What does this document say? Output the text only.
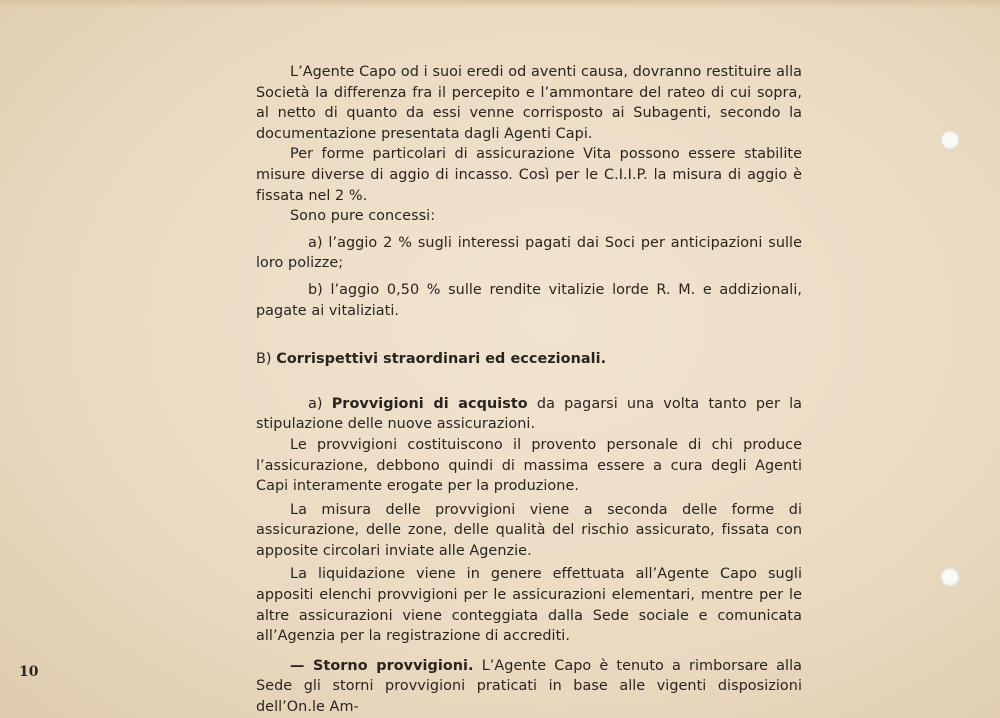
L’Agente Capo od i suoi eredi od aventi causa, dovranno restituire alla Società la differenza fra il percepito e l’ammontare del rateo di cui sopra, al netto di quanto da essi venne corrisposto ai Subagenti, secondo la documentazione presentata dagli Agenti Capi.

Per forme particolari di assicurazione Vita possono essere stabilite misure diverse di aggio di incasso. Così per le C.I.I.P. la misura di aggio è fissata nel 2 %.

Sono pure concessi:

a) l’aggio 2 % sugli interessi pagati dai Soci per anticipazioni sulle loro polizze;

b) l’aggio 0,50 % sulle rendite vitalizie lorde R. M. e addizionali, pagate ai vitaliziati.

B) Corrispettivi straordinari ed eccezionali.

a) Provvigioni di acquisto da pagarsi una volta tanto per la stipulazione delle nuove assicurazioni.

Le provvigioni costituiscono il provento personale di chi produce l’assicurazione, debbono quindi di massima essere a cura degli Agenti Capi interamente erogate per la produzione.

La misura delle provvigioni viene a seconda delle forme di assicurazione, delle zone, delle qualità del rischio assicurato, fissata con apposite circolari inviate alle Agenzie.

La liquidazione viene in genere effettuata all’Agente Capo sugli appositi elenchi provvigioni per le assicurazioni elementari, mentre per le altre assicurazioni viene conteggiata dalla Sede sociale e comunicata all’Agenzia per la registrazione di accrediti.

— Storno provvigioni. L’Agente Capo è tenuto a rimborsare alla Sede gli storni provvigioni praticati in base alle vigenti disposizioni dell’On.le Am-

10
